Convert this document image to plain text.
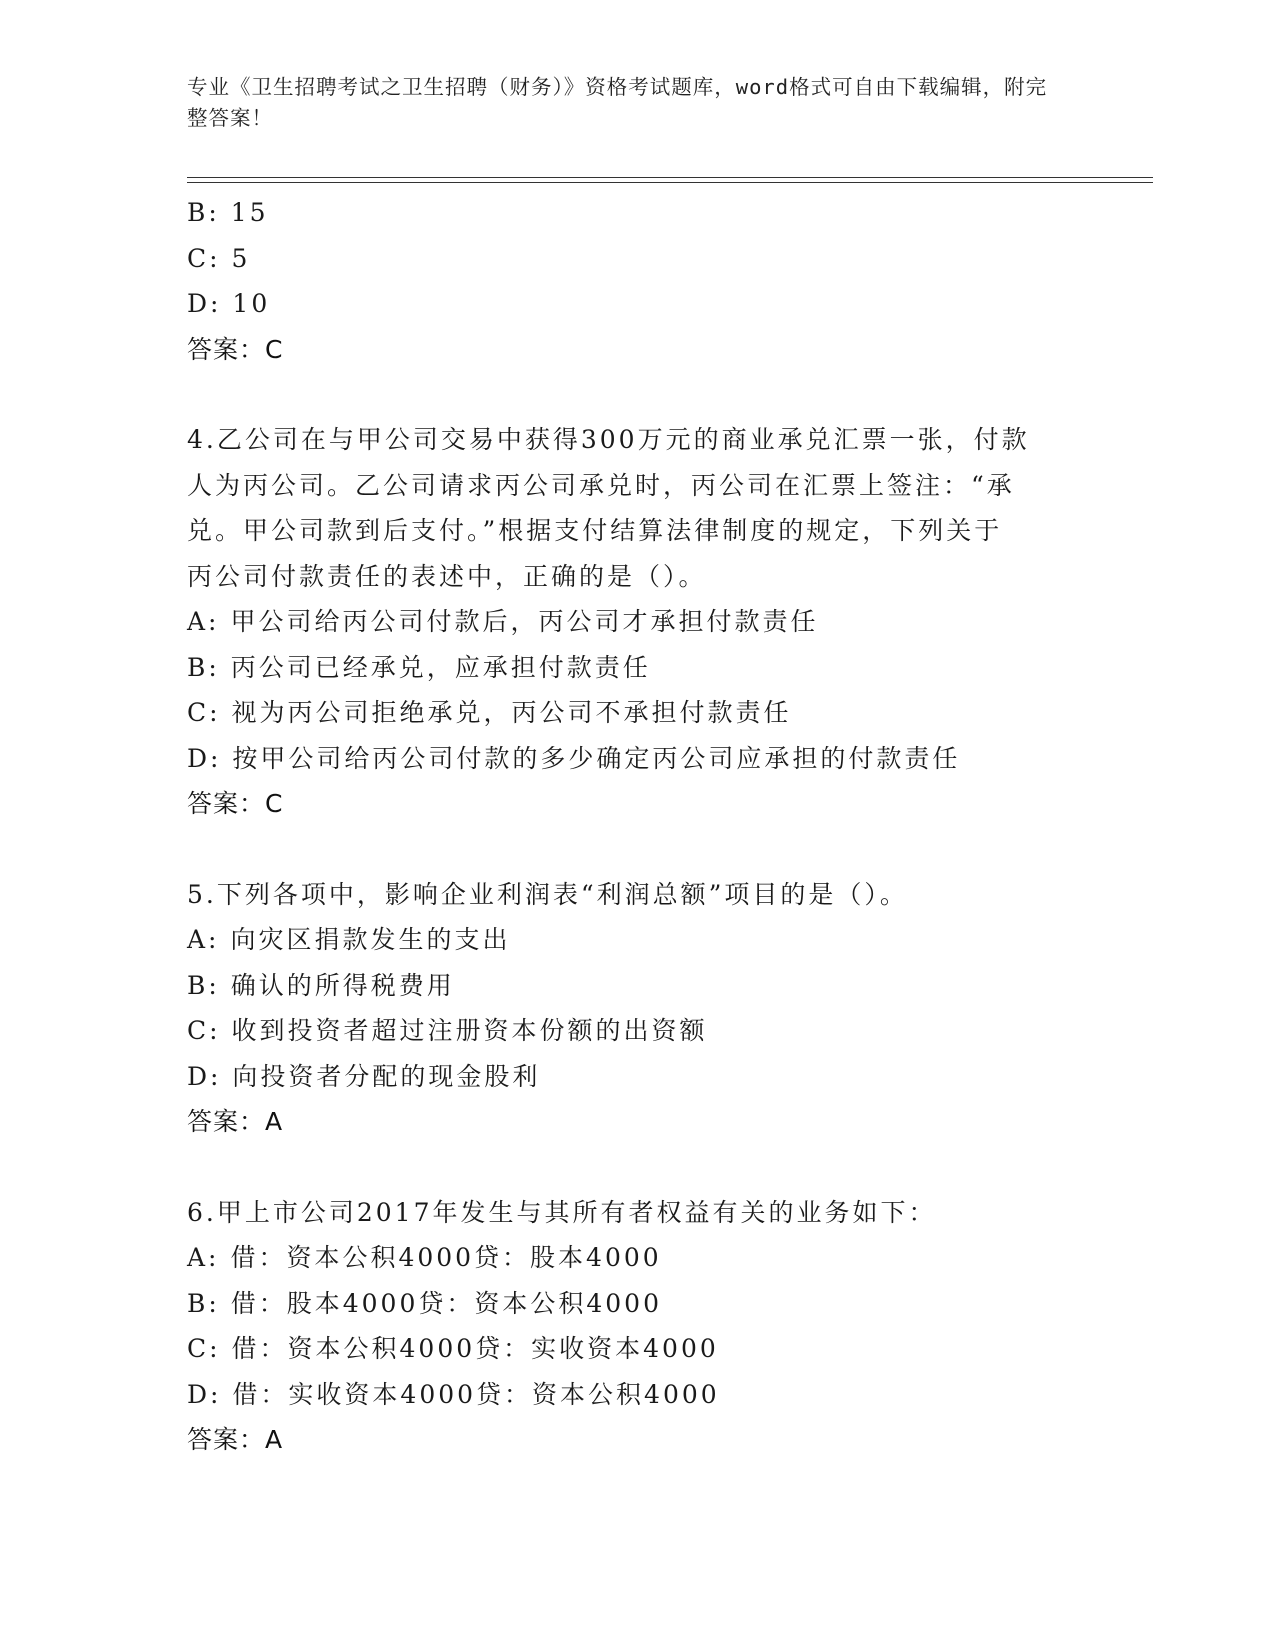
专业《卫生招聘考试之卫生招聘（财务）》资格考试题库，word格式可自由下载编辑，附完整答案！
B: 15
C: 5
D: 10
答案：C
4.乙公司在与甲公司交易中获得300万元的商业承兑汇票一张，付款
人为丙公司。乙公司请求丙公司承兑时，丙公司在汇票上签注：“承
兑。甲公司款到后支付。”根据支付结算法律制度的规定，下列关于
丙公司付款责任的表述中，正确的是（）。
A: 甲公司给丙公司付款后，丙公司才承担付款责任
B: 丙公司已经承兑，应承担付款责任
C: 视为丙公司拒绝承兑，丙公司不承担付款责任
D: 按甲公司给丙公司付款的多少确定丙公司应承担的付款责任
答案：C
5.下列各项中，影响企业利润表“利润总额”项目的是（）。
A: 向灾区捐款发生的支出
B: 确认的所得税费用
C: 收到投资者超过注册资本份额的出资额
D: 向投资者分配的现金股利
答案：A
6.甲上市公司2017年发生与其所有者权益有关的业务如下：
A: 借：资本公积4000贷：股本4000
B: 借：股本4000贷：资本公积4000
C: 借：资本公积4000贷：实收资本4000
D: 借：实收资本4000贷：资本公积4000
答案：A
